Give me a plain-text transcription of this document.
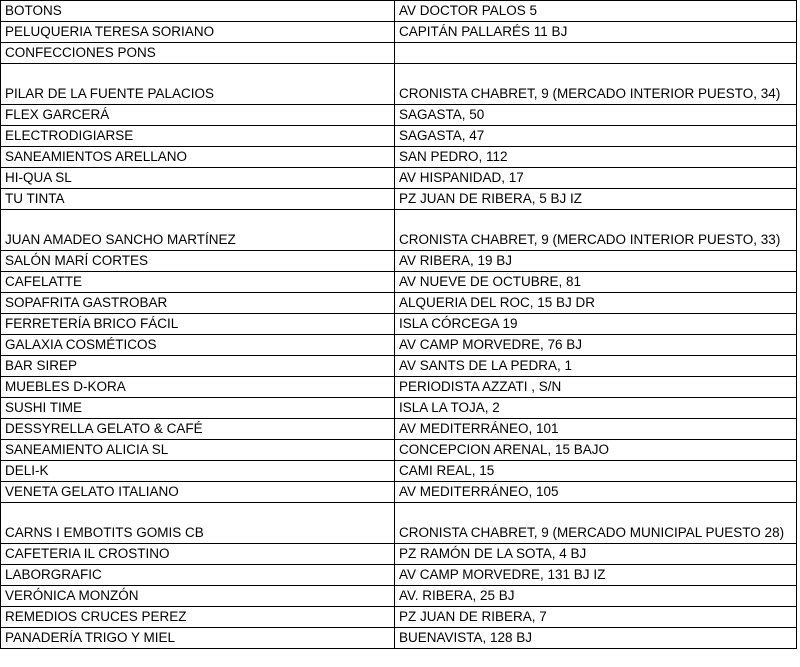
BOTONS	AV DOCTOR PALOS 5
PELUQUERIA TERESA SORIANO	CAPITÁN PALLARÉS 11 BJ
CONFECCIONES PONS	
PILAR DE LA FUENTE PALACIOS	CRONISTA CHABRET, 9 (MERCADO INTERIOR PUESTO, 34)
FLEX GARCERÁ	SAGASTA, 50
ELECTRODIGIARSE	SAGASTA, 47
SANEAMIENTOS ARELLANO	SAN PEDRO, 112
HI-QUA SL	AV HISPANIDAD, 17
TU TINTA	PZ JUAN DE RIBERA, 5 BJ IZ
JUAN AMADEO SANCHO MARTÍNEZ	CRONISTA CHABRET, 9 (MERCADO INTERIOR PUESTO, 33)
SALÓN MARÍ CORTES	AV RIBERA, 19 BJ
CAFELATTE	AV NUEVE DE OCTUBRE, 81
SOPAFRITA GASTROBAR	ALQUERIA DEL ROC, 15 BJ DR
FERRETERÍA BRICO FÁCIL	ISLA CÓRCEGA 19
GALAXIA COSMÉTICOS	AV CAMP MORVEDRE, 76 BJ
BAR SIREP	AV SANTS DE LA PEDRA, 1
MUEBLES D-KORA	PERIODISTA AZZATI , S/N
SUSHI TIME	ISLA LA TOJA, 2
DESSYRELLA GELATO & CAFÉ	AV MEDITERRÁNEO, 101
SANEAMIENTO ALICIA SL	CONCEPCION ARENAL, 15 BAJO
DELI-K	CAMI REAL, 15
VENETA GELATO ITALIANO	AV MEDITERRÁNEO, 105
CARNS I EMBOTITS GOMIS CB	CRONISTA CHABRET, 9 (MERCADO MUNICIPAL PUESTO 28)
CAFETERIA IL CROSTINO	PZ RAMÓN DE LA SOTA, 4 BJ
LABORGRAFIC	AV CAMP MORVEDRE, 131 BJ IZ
VERÓNICA MONZÓN	AV. RIBERA, 25 BJ
REMEDIOS CRUCES PEREZ	PZ JUAN DE RIBERA, 7
PANADERÍA TRIGO Y MIEL	BUENAVISTA, 128 BJ
